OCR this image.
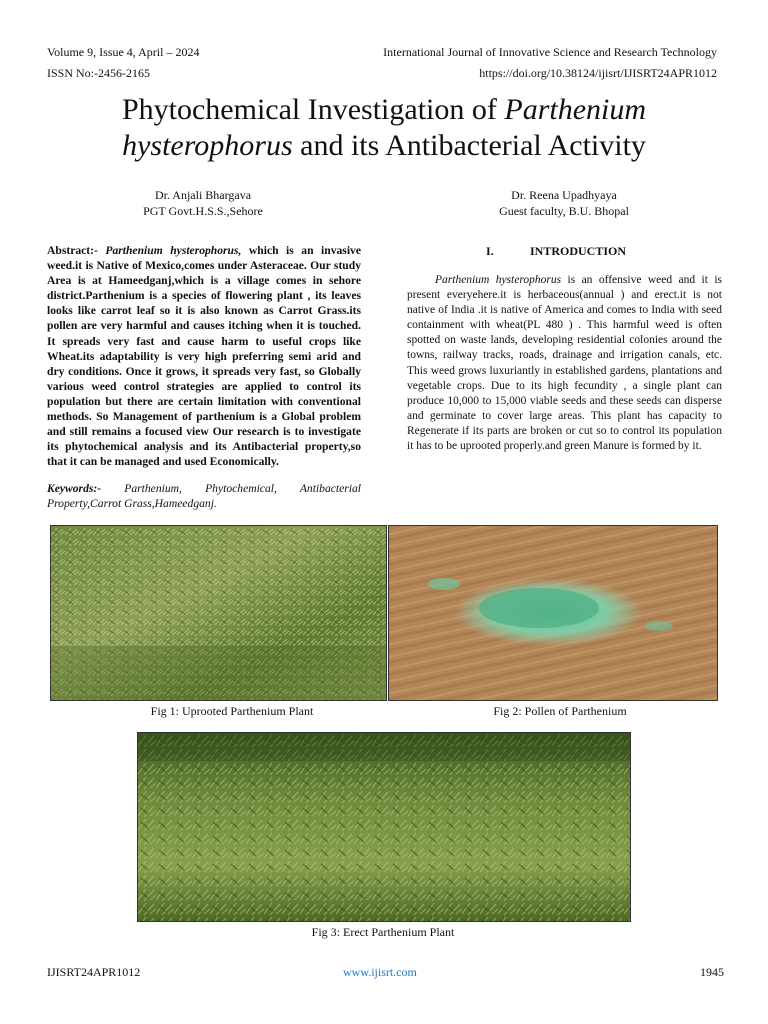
Volume 9, Issue 4, April – 2024	International Journal of Innovative Science and Research Technology
ISSN No:-2456-2165	https://doi.org/10.38124/ijisrt/IJISRT24APR1012
Phytochemical Investigation of Parthenium
hysterophorus and its Antibacterial Activity
Dr. Anjali Bhargava
PGT Govt.H.S.S.,Sehore
Dr. Reena Upadhyaya
Guest faculty, B.U. Bhopal
Abstract:- Parthenium hysterophorus, which is an invasive weed.it is Native of Mexico,comes under Asteraceae. Our study Area is at Hameedganj,which is a village comes in sehore district.Parthenium is a species of flowering plant , its leaves looks like carrot leaf so it is also known as Carrot Grass.its pollen are very harmful and causes itching when it is touched. It spreads very fast and cause harm to useful crops like Wheat.its adaptability is very high preferring semi arid and dry conditions. Once it grows, it spreads very fast, so Globally various weed control strategies are applied to control its population but there are certain limitation with conventional methods. So Management of parthenium is a Global problem and still remains a focused view Our research is to investigate its phytochemical analysis and its Antibacterial property,so that it can be managed and used Economically.
Keywords:- Parthenium, Phytochemical, Antibacterial Property,Carrot Grass,Hameedganj.
I.	INTRODUCTION
Parthenium hysterophorus is an offensive weed and it is present everyehere.it is herbaceous(annual ) and erect.it is not native of India .it is native of America and comes to India with seed containment with wheat(PL 480 ) . This harmful weed is often spotted on waste lands, developing residential colonies around the towns, railway tracks, roads, drainage and irrigation canals, etc. This weed grows luxuriantly in established gardens, plantations and vegetable crops. Due to its high fecundity , a single plant can produce 10,000 to 15,000 viable seeds and these seeds can disperse and germinate to cover large areas. This plant has capacity to Regenerate if its parts are broken or cut so to control its population it has to be uprooted properly.and green Manure is formed by it.
Fig 1: Uprooted Parthenium Plant	Fig 2: Pollen of Parthenium
Fig 3: Erect Parthenium Plant
IJISRT24APR1012	www.ijisrt.com	1945
